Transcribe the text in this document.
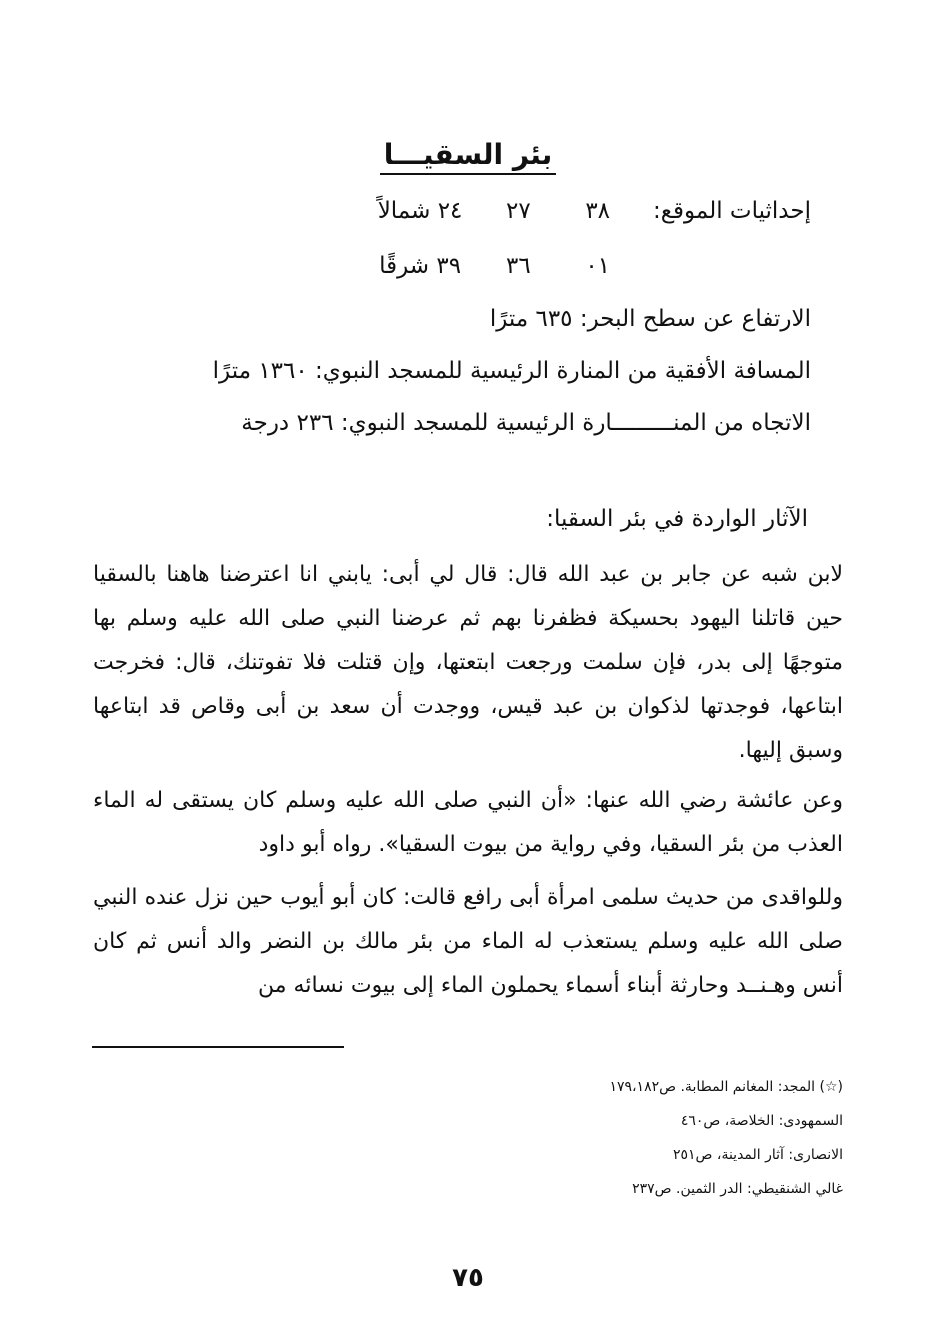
بئر السقيـــا
إحداثيات الموقع: ٣٨ ٢٧ ٢٤ شمالاً
٠١ ٣٦ ٣٩ شرقًا
الارتفاع عن سطح البحر: ٦٣٥ مترًا
المسافة الأفقية من المنارة الرئيسية للمسجد النبوي: ١٣٦٠ مترًا
الاتجاه من المنـــــــــارة الرئيسية للمسجد النبوي: ٢٣٦ درجة
الآثار الواردة في بئر السقيا:
لابن شبه عن جابر بن عبد الله قال: قال لي أبى: يابني انا اعترضنا هاهنا بالسقيا حين قاتلنا اليهود بحسيكة فظفرنا بهم ثم عرضنا النبي صلى الله عليه وسلم بها متوجهًا إلى بدر، فإن سلمت ورجعت ابتعتها، وإن قتلت فلا تفوتنك، قال: فخرجت ابتاعها، فوجدتها لذكوان بن عبد قيس، ووجدت أن سعد بن أبى وقاص قد ابتاعها وسبق إليها.
وعن عائشة رضي الله عنها: «أن النبي صلى الله عليه وسلم كان يستقى له الماء العذب من بئر السقيا، وفي رواية من بيوت السقيا». رواه أبو داود
وللواقدى من حديث سلمى امرأة أبى رافع قالت: كان أبو أيوب حين نزل عنده النبي صلى الله عليه وسلم يستعذب له الماء من بئر مالك بن النضر والد أنس ثم كان أنس وهـنــد وحارثة أبناء أسماء يحملون الماء إلى بيوت نسائه من
(☆) المجد: المغانم المطابة. ص١٧٩،١٨٢
السمهودى: الخلاصة، ص٤٦٠
الانصارى: آثار المدينة، ص٢٥١
غالي الشنقيطي: الدر الثمين. ص٢٣٧
٧٥
